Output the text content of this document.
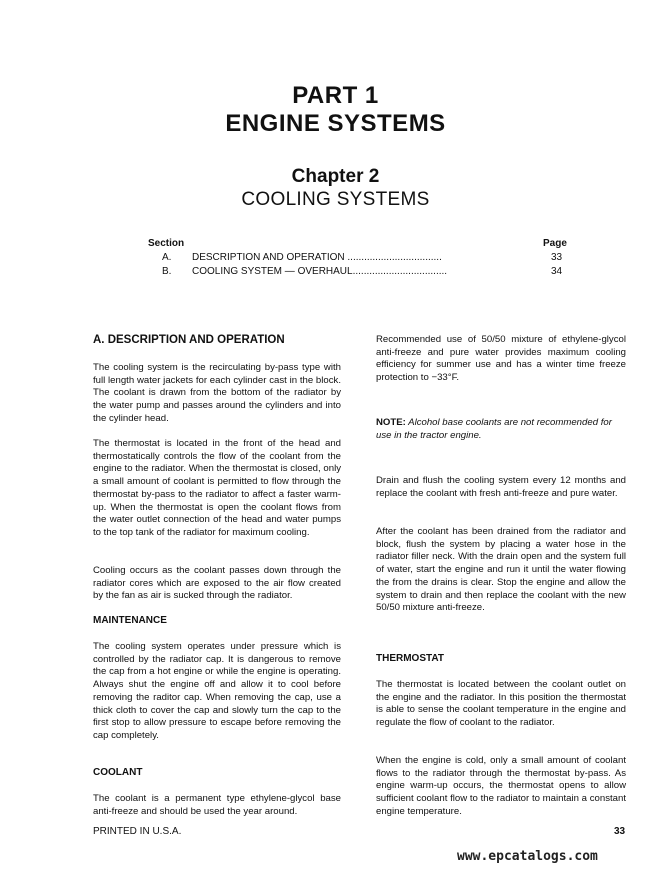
PART 1
ENGINE SYSTEMS
Chapter 2
COOLING SYSTEMS
Section	Page
A. DESCRIPTION AND OPERATION ..................................	33
B. COOLING SYSTEM — OVERHAUL..................................	34
A. DESCRIPTION AND OPERATION

The cooling system is the recirculating by-pass type with full length water jackets for each cylinder cast in the block. The coolant is drawn from the bottom of the radiator by the water pump and passes around the cylinders and into the cylinder head.

The thermostat is located in the front of the head and thermostatically controls the flow of the coolant from the engine to the radiator. When the thermostat is closed, only a small amount of coolant is permitted to flow through the thermostat by-pass to the radiator to affect a faster warm-up. When the thermostat is open the coolant flows from the water outlet connection of the head and water pumps to the top tank of the radiator for maximum cooling.

Cooling occurs as the coolant passes down through the radiator cores which are exposed to the air flow created by the fan as air is sucked through the radiator.

MAINTENANCE

The cooling system operates under pressure which is controlled by the radiator cap. It is dangerous to remove the cap from a hot engine or while the engine is operating. Always shut the engine off and allow it to cool before removing the raditor cap. When removing the cap, use a thick cloth to cover the cap and slowly turn the cap to the first stop to allow pressure to escape before removing the cap completely.

COOLANT

The coolant is a permanent type ethylene-glycol base anti-freeze and should be used the year around.

Recommended use of 50/50 mixture of ethylene-glycol anti-freeze and pure water provides maximum cooling efficiency for summer use and has a winter time freeze protection to −33°F.

NOTE: Alcohol base coolants are not recommended for use in the tractor engine.

Drain and flush the cooling system every 12 months and replace the coolant with fresh anti-freeze and pure water.

After the coolant has been drained from the radiator and block, flush the system by placing a water hose in the radiator filler neck. With the drain open and the system full of water, start the engine and run it until the water flowing the from the drains is clear. Stop the engine and allow the system to drain and then replace the coolant with the new 50/50 mixture anti-freeze.

THERMOSTAT

The thermostat is located between the coolant outlet on the engine and the radiator. In this position the thermostat is able to sense the coolant temperature in the engine and regulate the flow of coolant to the radiator.

When the engine is cold, only a small amount of coolant flows to the radiator through the thermostat by-pass. As engine warm-up occurs, the thermostat opens to allow sufficient coolant flow to the radiator to maintain a constant engine temperature.

PRINTED IN U.S.A.	33
www.epcatalogs.com
